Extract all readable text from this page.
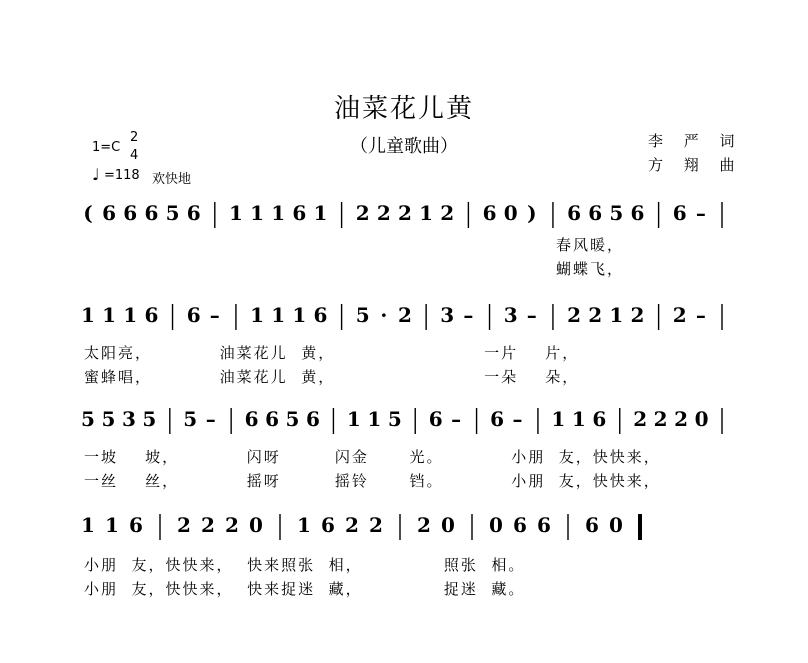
油菜花儿黄
（儿童歌曲）
1=C
2
4
♩ =118 欢快地
李 严 词
方 翔 曲
( 6 6 6 5 6 1 1 1 6 1 2 2 2 1 2 6 0 ) 6 6 5 6 6 –
1 1 1 6 6 – 1 1 1 6 5 · 2 3 – 3 – 2 2 1 2 2 –
5 5 3 5 5 – 6 6 5 6 1 1 5 6 – 6 – 1 1 6 2 2 2 0
1 1 6 2 2 2 0 1 6 2 2 2 0 0 6 6 6 0
春风暖，
蝴蝶飞，
太阳亮，          油菜花儿  黄，                      一片    片，
蜜蜂唱，          油菜花儿  黄，                      一朵    朵，
一坡    坡，          闪呀        闪金      光。          小朋  友，快快来，
一丝    丝，          摇呀        摇铃      铛。          小朋  友，快快来，
小朋  友，快快来，  快来照张  相，            照张  相。
小朋  友，快快来，  快来捉迷  藏，            捉迷  藏。
